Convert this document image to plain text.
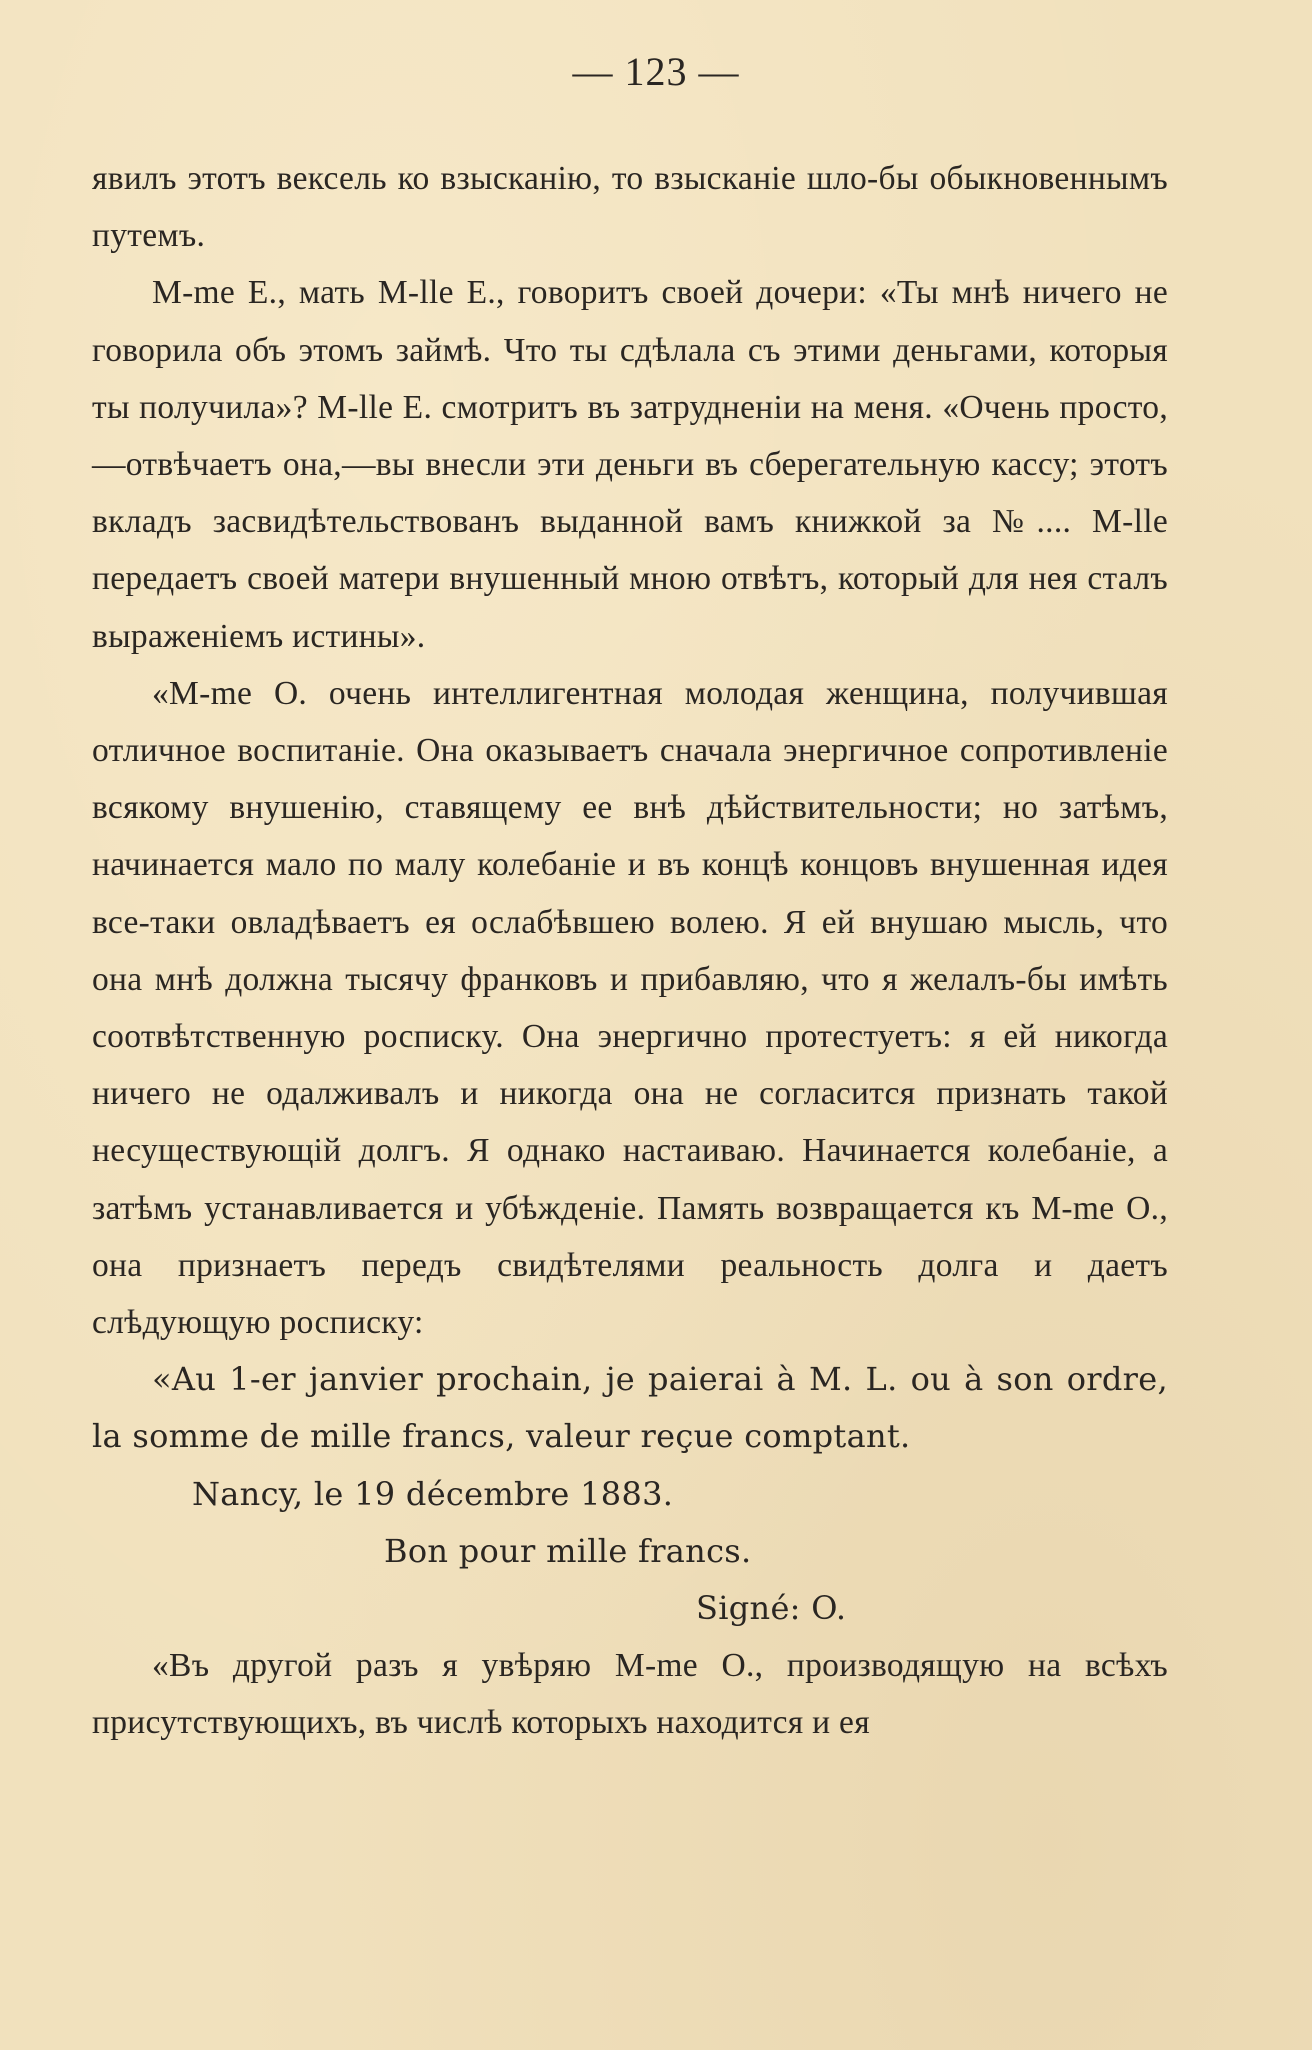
— 123 —

явилъ этотъ вексель ко взысканію, то взысканіе шло-бы обыкновеннымъ путемъ.

M-me E., мать M-lle E., говоритъ своей дочери: «Ты мнѣ ничего не говорила объ этомъ займѣ. Что ты сдѣлала съ этими деньгами, которыя ты получила»? M-lle E. смотритъ въ затрудненіи на меня. «Очень просто,—отвѣчаетъ она,—вы внесли эти деньги въ сберегательную кассу; этотъ вкладъ засвидѣтельствованъ выданной вамъ книжкой за №.... M-lle передаетъ своей матери внушенный мною отвѣтъ, который для нея сталъ выраженіемъ истины».

«M-me O. очень интеллигентная молодая женщина, получившая отличное воспитаніе. Она оказываетъ сначала энергичное сопротивленіе всякому внушенію, ставящему ее внѣ дѣйствительности; но затѣмъ, начинается мало по малу колебаніе и въ концѣ концовъ внушенная идея все-таки овладѣваетъ ея ослабѣвшею волею. Я ей внушаю мысль, что она мнѣ должна тысячу франковъ и прибавляю, что я желалъ-бы имѣть соотвѣтственную росписку. Она энергично протестуетъ: я ей никогда ничего не одалживалъ и никогда она не согласится признать такой несуществующій долгъ. Я однако настаиваю. Начинается колебаніе, а затѣмъ устанавливается и убѣжденіе. Память возвращается къ M-me O., она признаетъ передъ свидѣтелями реальность долга и даетъ слѣдующую росписку:

«Au 1-er janvier prochain, je paierai à M. L. ou à son ordre, la somme de mille francs, valeur reçue comptant.

Nancy, le 19 décembre 1883.

Bon pour mille francs.

Signé: O.

«Въ другой разъ я увѣряю M-me O., производящую на всѣхъ присутствующихъ, въ числѣ которыхъ находится и ея
